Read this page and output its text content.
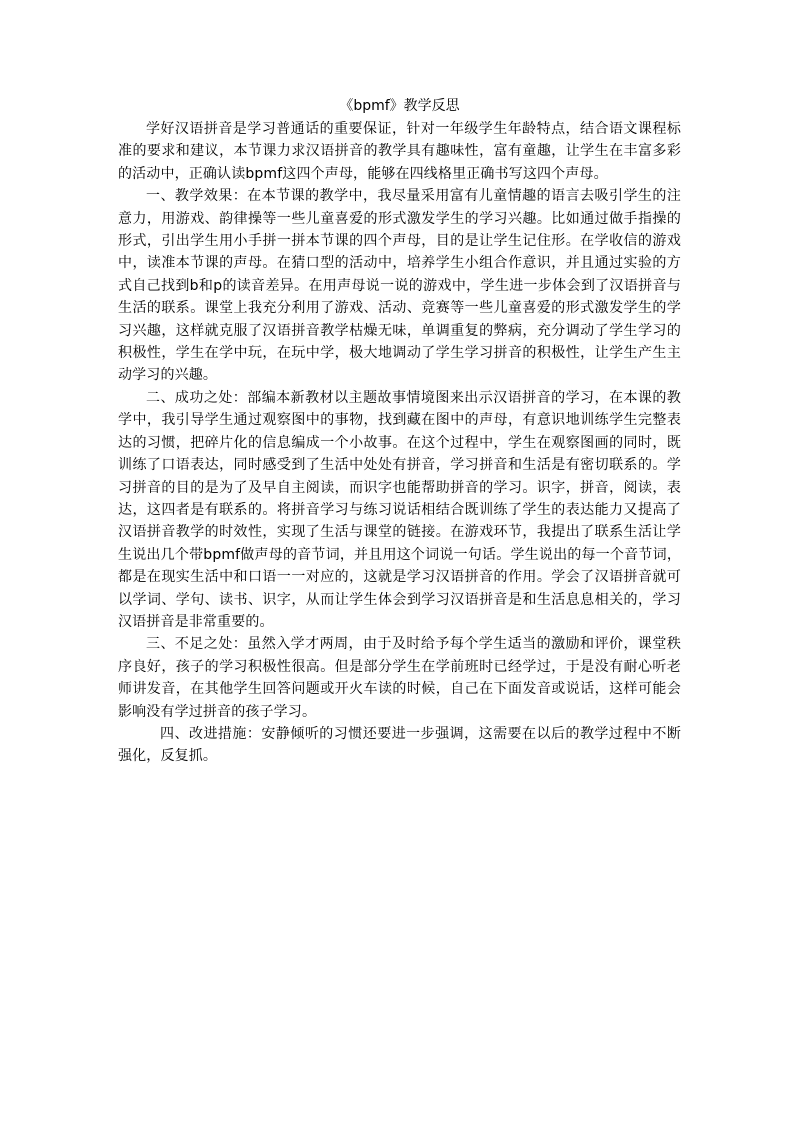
《bpmf》教学反思

学好汉语拼音是学习普通话的重要保证，针对一年级学生年龄特点，结合语文课程标准的要求和建议，本节课力求汉语拼音的教学具有趣味性，富有童趣，让学生在丰富多彩的活动中，正确认读bpmf这四个声母，能够在四线格里正确书写这四个声母。

一、教学效果：在本节课的教学中，我尽量采用富有儿童情趣的语言去吸引学生的注意力，用游戏、韵律操等一些儿童喜爱的形式激发学生的学习兴趣。比如通过做手指操的形式，引出学生用小手拼一拼本节课的四个声母，目的是让学生记住形。在学收信的游戏中，读准本节课的声母。在猜口型的活动中，培养学生小组合作意识，并且通过实验的方式自己找到b和p的读音差异。在用声母说一说的游戏中，学生进一步体会到了汉语拼音与生活的联系。课堂上我充分利用了游戏、活动、竞赛等一些儿童喜爱的形式激发学生的学习兴趣，这样就克服了汉语拼音教学枯燥无味，单调重复的弊病，充分调动了学生学习的积极性，学生在学中玩，在玩中学，极大地调动了学生学习拼音的积极性，让学生产生主动学习的兴趣。

二、成功之处：部编本新教材以主题故事情境图来出示汉语拼音的学习，在本课的教学中，我引导学生通过观察图中的事物，找到藏在图中的声母，有意识地训练学生完整表达的习惯，把碎片化的信息编成一个小故事。在这个过程中，学生在观察图画的同时，既训练了口语表达，同时感受到了生活中处处有拼音，学习拼音和生活是有密切联系的。学习拼音的目的是为了及早自主阅读，而识字也能帮助拼音的学习。识字，拼音，阅读，表达，这四者是有联系的。将拼音学习与练习说话相结合既训练了学生的表达能力又提高了汉语拼音教学的时效性，实现了生活与课堂的链接。在游戏环节，我提出了联系生活让学生说出几个带bpmf做声母的音节词，并且用这个词说一句话。学生说出的每一个音节词，都是在现实生活中和口语一一对应的，这就是学习汉语拼音的作用。学会了汉语拼音就可以学词、学句、读书、识字，从而让学生体会到学习汉语拼音是和生活息息相关的，学习汉语拼音是非常重要的。

三、不足之处：虽然入学才两周，由于及时给予每个学生适当的激励和评价，课堂秩序良好，孩子的学习积极性很高。但是部分学生在学前班时已经学过，于是没有耐心听老师讲发音，在其他学生回答问题或开火车读的时候，自己在下面发音或说话，这样可能会影响没有学过拼音的孩子学习。

四、改进措施：安静倾听的习惯还要进一步强调，这需要在以后的教学过程中不断强化，反复抓。
